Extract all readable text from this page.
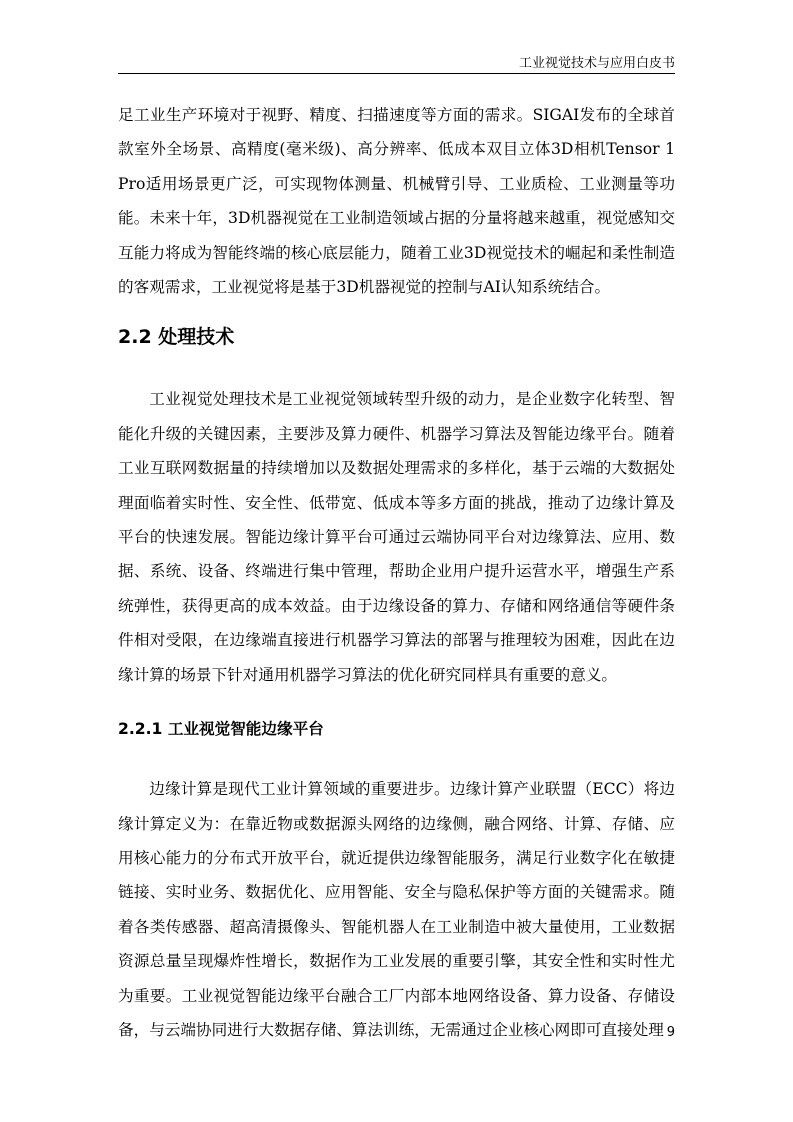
工业视觉技术与应用白皮书

足工业生产环境对于视野、精度、扫描速度等方面的需求。SIGAI发布的全球首款室外全场景、高精度(毫米级)、高分辨率、低成本双目立体3D相机Tensor 1 Pro适用场景更广泛，可实现物体测量、机械臂引导、工业质检、工业测量等功能。未来十年，3D机器视觉在工业制造领域占据的分量将越来越重，视觉感知交互能力将成为智能终端的核心底层能力，随着工业3D视觉技术的崛起和柔性制造的客观需求，工业视觉将是基于3D机器视觉的控制与AI认知系统结合。

2.2 处理技术

工业视觉处理技术是工业视觉领域转型升级的动力，是企业数字化转型、智能化升级的关键因素，主要涉及算力硬件、机器学习算法及智能边缘平台。随着工业互联网数据量的持续增加以及数据处理需求的多样化，基于云端的大数据处理面临着实时性、安全性、低带宽、低成本等多方面的挑战，推动了边缘计算及平台的快速发展。智能边缘计算平台可通过云端协同平台对边缘算法、应用、数据、系统、设备、终端进行集中管理，帮助企业用户提升运营水平，增强生产系统弹性，获得更高的成本效益。由于边缘设备的算力、存储和网络通信等硬件条件相对受限，在边缘端直接进行机器学习算法的部署与推理较为困难，因此在边缘计算的场景下针对通用机器学习算法的优化研究同样具有重要的意义。

2.2.1 工业视觉智能边缘平台

边缘计算是现代工业计算领域的重要进步。边缘计算产业联盟（ECC）将边缘计算定义为：在靠近物或数据源头网络的边缘侧，融合网络、计算、存储、应用核心能力的分布式开放平台，就近提供边缘智能服务，满足行业数字化在敏捷链接、实时业务、数据优化、应用智能、安全与隐私保护等方面的关键需求。随着各类传感器、超高清摄像头、智能机器人在工业制造中被大量使用，工业数据资源总量呈现爆炸性增长，数据作为工业发展的重要引擎，其安全性和实时性尤为重要。工业视觉智能边缘平台融合工厂内部本地网络设备、算力设备、存储设备，与云端协同进行大数据存储、算法训练，无需通过企业核心网即可直接处理 9
